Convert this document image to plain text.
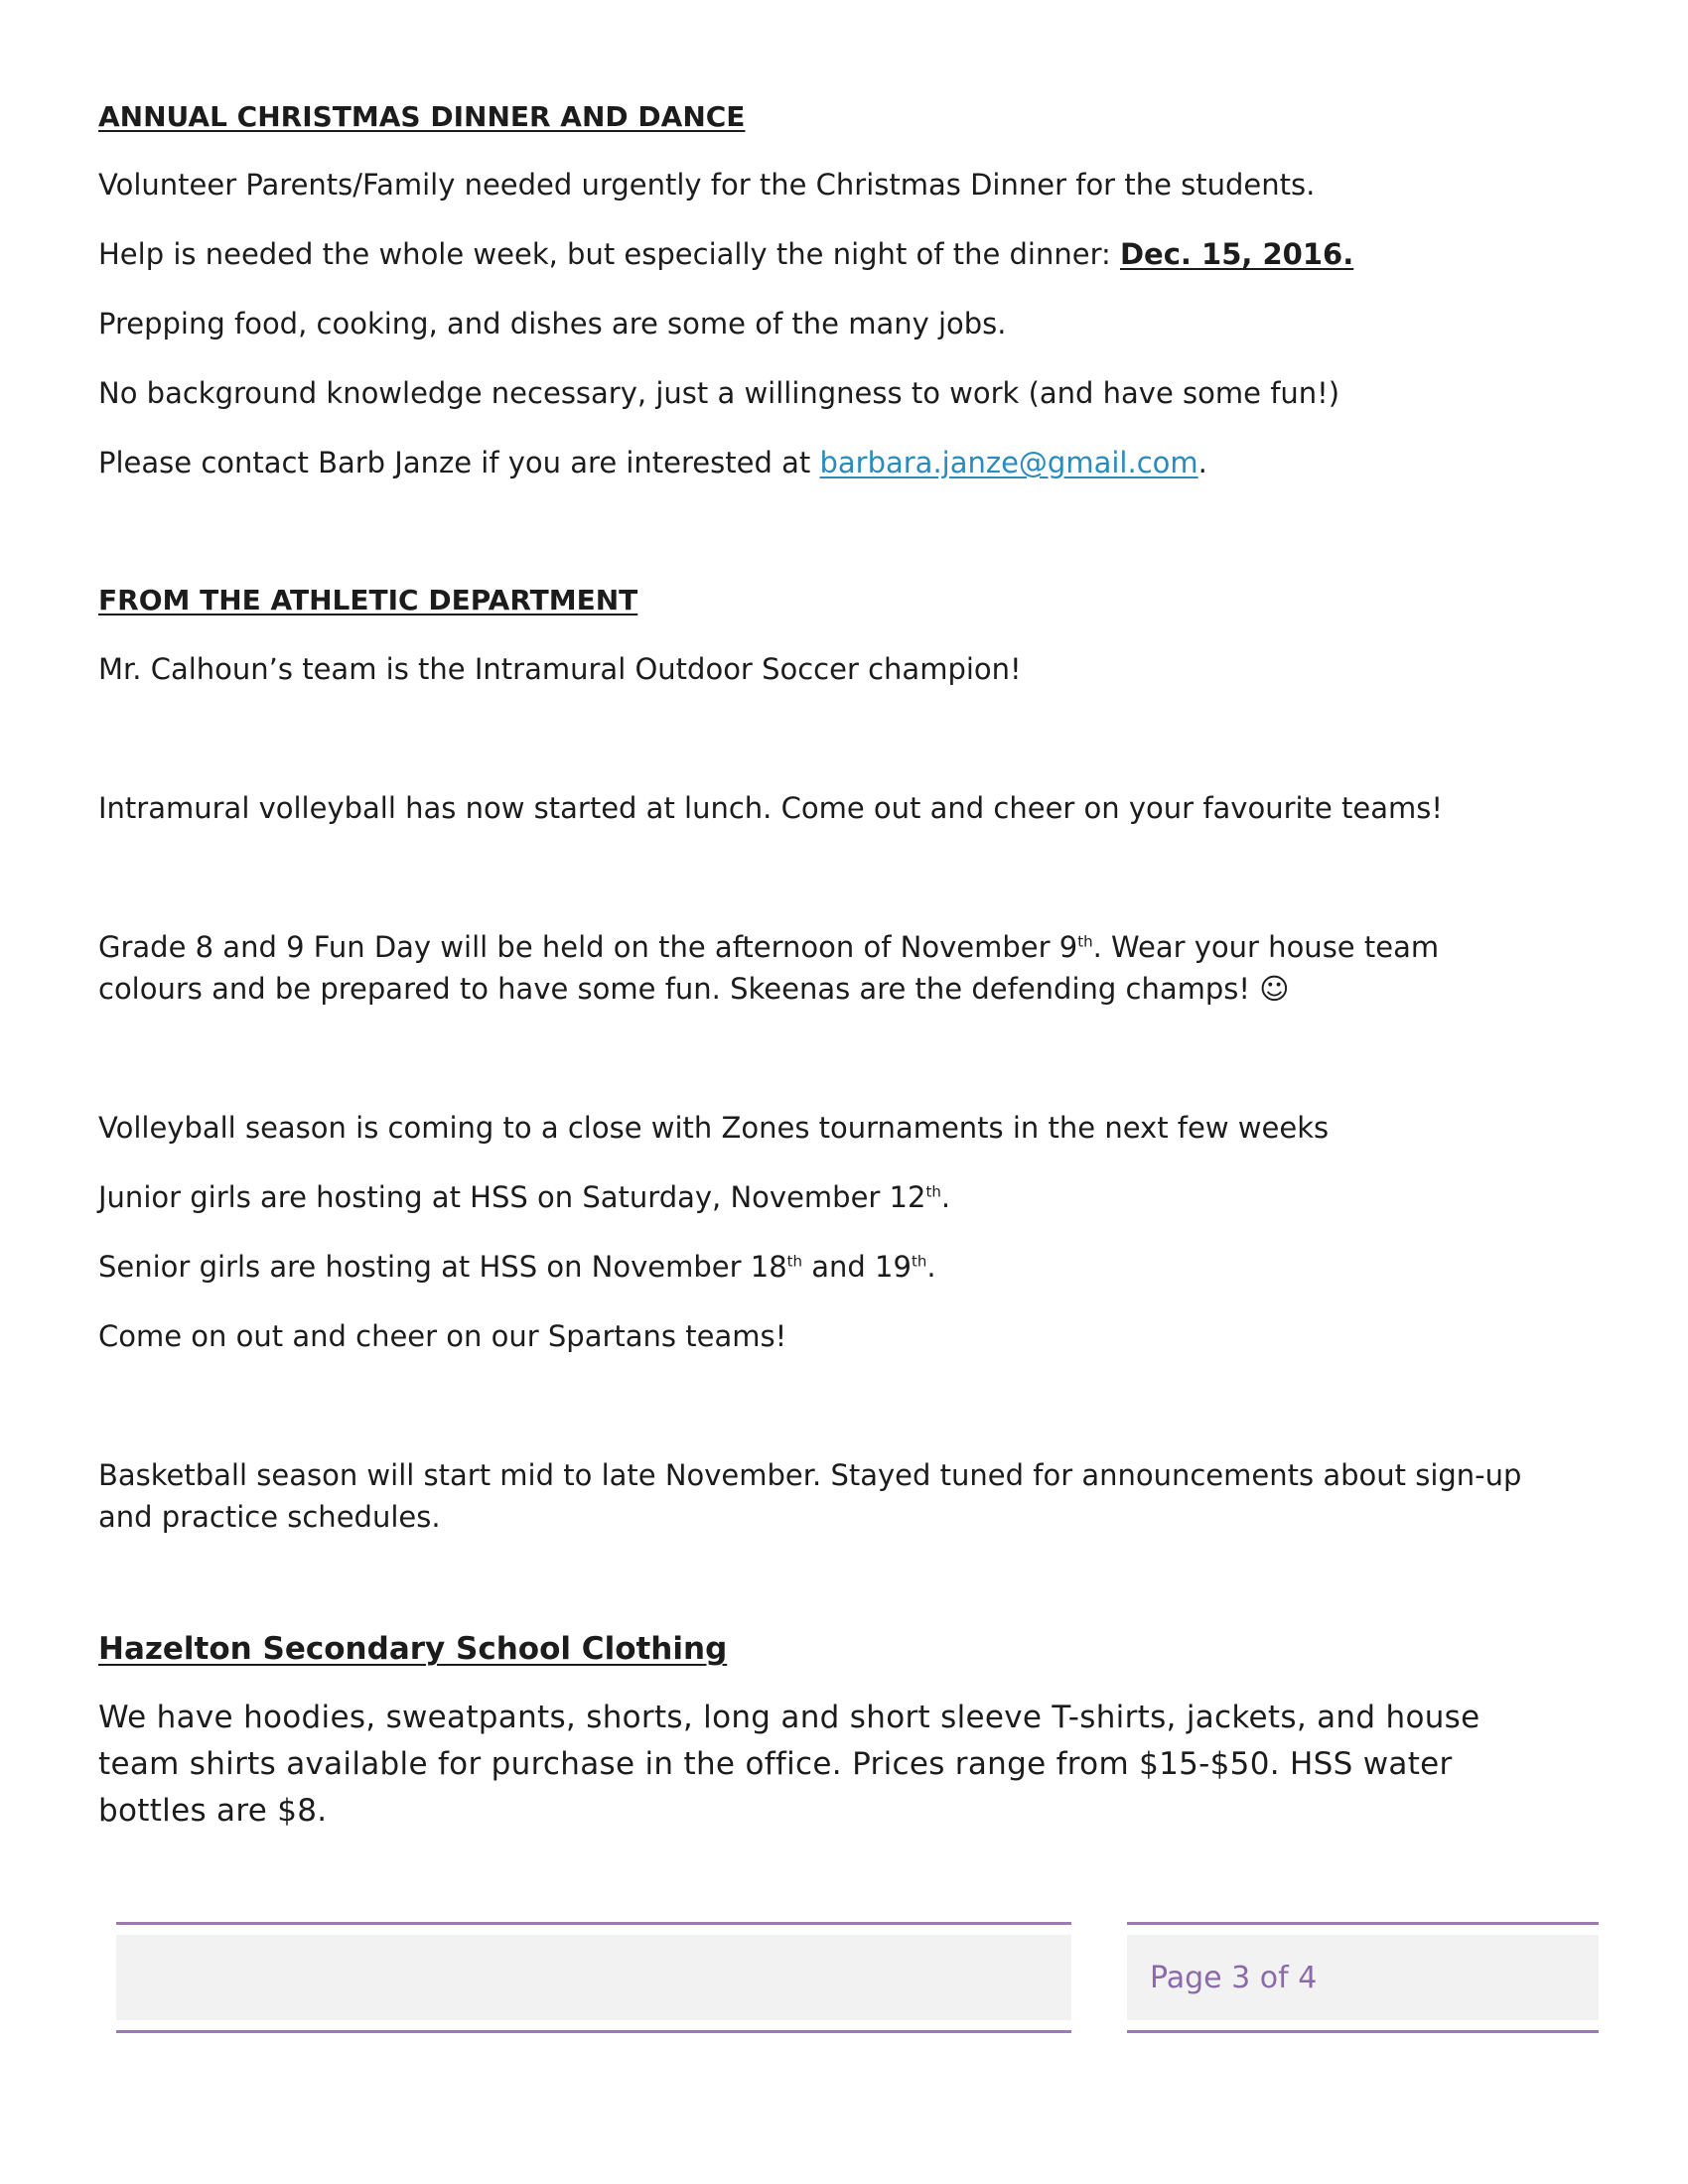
ANNUAL CHRISTMAS DINNER AND DANCE

Volunteer Parents/Family needed urgently for the Christmas Dinner for the students.

Help is needed the whole week, but especially the night of the dinner: Dec. 15, 2016.

Prepping food, cooking, and dishes are some of the many jobs.

No background knowledge necessary, just a willingness to work (and have some fun!)

Please contact Barb Janze if you are interested at barbara.janze@gmail.com.

FROM THE ATHLETIC DEPARTMENT

Mr. Calhoun’s team is the Intramural Outdoor Soccer champion!

Intramural volleyball has now started at lunch. Come out and cheer on your favourite teams!

Grade 8 and 9 Fun Day will be held on the afternoon of November 9th. Wear your house team

colours and be prepared to have some fun. Skeenas are the defending champs! ☺

Volleyball season is coming to a close with Zones tournaments in the next few weeks

Junior girls are hosting at HSS on Saturday, November 12th.

Senior girls are hosting at HSS on November 18th and 19th.

Come on out and cheer on our Spartans teams!

Basketball season will start mid to late November. Stayed tuned for announcements about sign-up

and practice schedules.

Hazelton Secondary School Clothing

We have hoodies, sweatpants, shorts, long and short sleeve T-shirts, jackets, and house

team shirts available for purchase in the office. Prices range from $15-$50. HSS water

bottles are $8.

Page 3 of 4
